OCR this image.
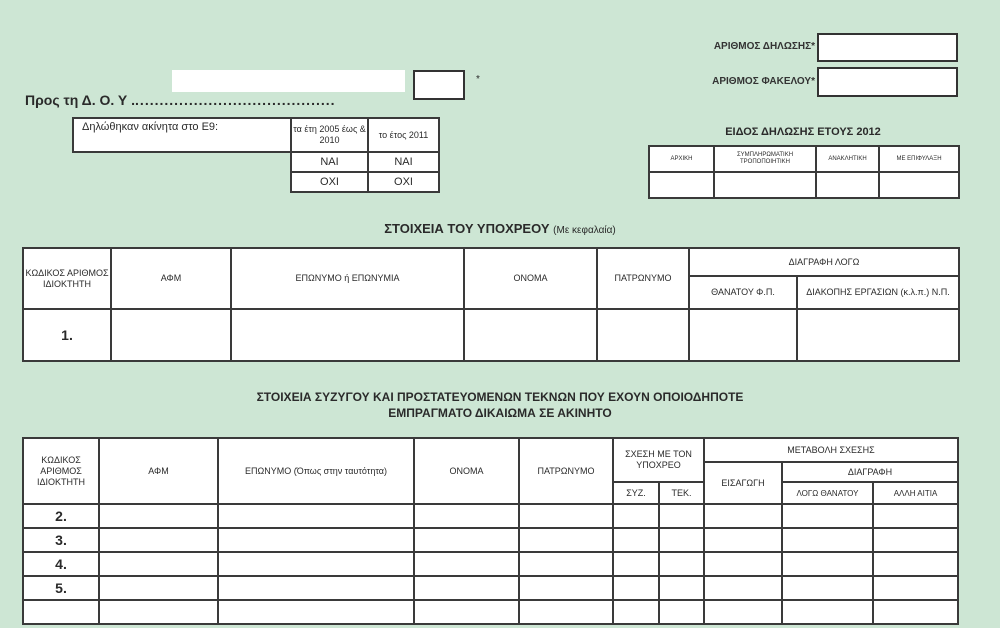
Προς τη Δ. Ο. Υ ..........................................
*
Δηλώθηκαν ακίνητα στο Ε9:	τα έτη 2005 έως & 2010	το έτος 2011
	ΝΑΙ	ΝΑΙ
	ΟΧΙ	ΟΧΙ
ΑΡΙΘΜΟΣ ΔΗΛΩΣΗΣ*
ΑΡΙΘΜΟΣ ΦΑΚΕΛΟΥ*
ΕΙΔΟΣ ΔΗΛΩΣΗΣ ΕΤΟΥΣ 2012
ΑΡΧΙΚΗ	ΣΥΜΠΛΗΡΩΜΑΤΙΚΗ ΤΡΟΠΟΠΟΙΗΤΙΚΗ	ΑΝΑΚΛΗΤΙΚΗ	ΜΕ ΕΠΙΦΥΛΑΞΗ

ΣΤΟΙΧΕΙΑ ΤΟΥ ΥΠΟΧΡΕΟΥ (Με κεφαλαία)
ΚΩΔΙΚΟΣ ΑΡΙΘΜΟΣ ΙΔΙΟΚΤΗΤΗ	ΑΦΜ	ΕΠΩΝΥΜΟ ή ΕΠΩΝΥΜΙΑ	ΟΝΟΜΑ	ΠΑΤΡΩΝΥΜΟ	ΔΙΑΓΡΑΦΗ ΛΟΓΩ	
					ΘΑΝΑΤΟΥ Φ.Π.	ΔΙΑΚΟΠΗΣ ΕΡΓΑΣΙΩΝ (κ.λ.π.) Ν.Π.
1.						
ΣΤΟΙΧΕΙΑ ΣΥΖΥΓΟΥ ΚΑΙ ΠΡΟΣΤΑΤΕΥΟΜΕΝΩΝ ΤΕΚΝΩΝ ΠΟΥ ΕΧΟΥΝ ΟΠΟΙΟΔΗΠΟΤΕ
ΕΜΠΡΑΓΜΑΤΟ ΔΙΚΑΙΩΜΑ ΣΕ ΑΚΙΝΗΤΟ
ΚΩΔΙΚΟΣ ΑΡΙΘΜΟΣ ΙΔΙΟΚΤΗΤΗ	ΑΦΜ	ΕΠΩΝΥΜΟ (Όπως στην ταυτότητα)	ΟΝΟΜΑ	ΠΑΤΡΩΝΥΜΟ	ΣΧΕΣΗ ΜΕ ΤΟΝ ΥΠΟΧΡΕΟ		ΜΕΤΑΒΟΛΗ ΣΧΕΣΗΣ		
							ΕΙΣΑΓΩΓΗ	ΔΙΑΓΡΑΦΗ	
					ΣΥΖ.	ΤΕΚ.		ΛΟΓΩ ΘΑΝΑΤΟΥ	ΑΛΛΗ ΑΙΤΙΑ
2.									
3.									
4.									
5.									
